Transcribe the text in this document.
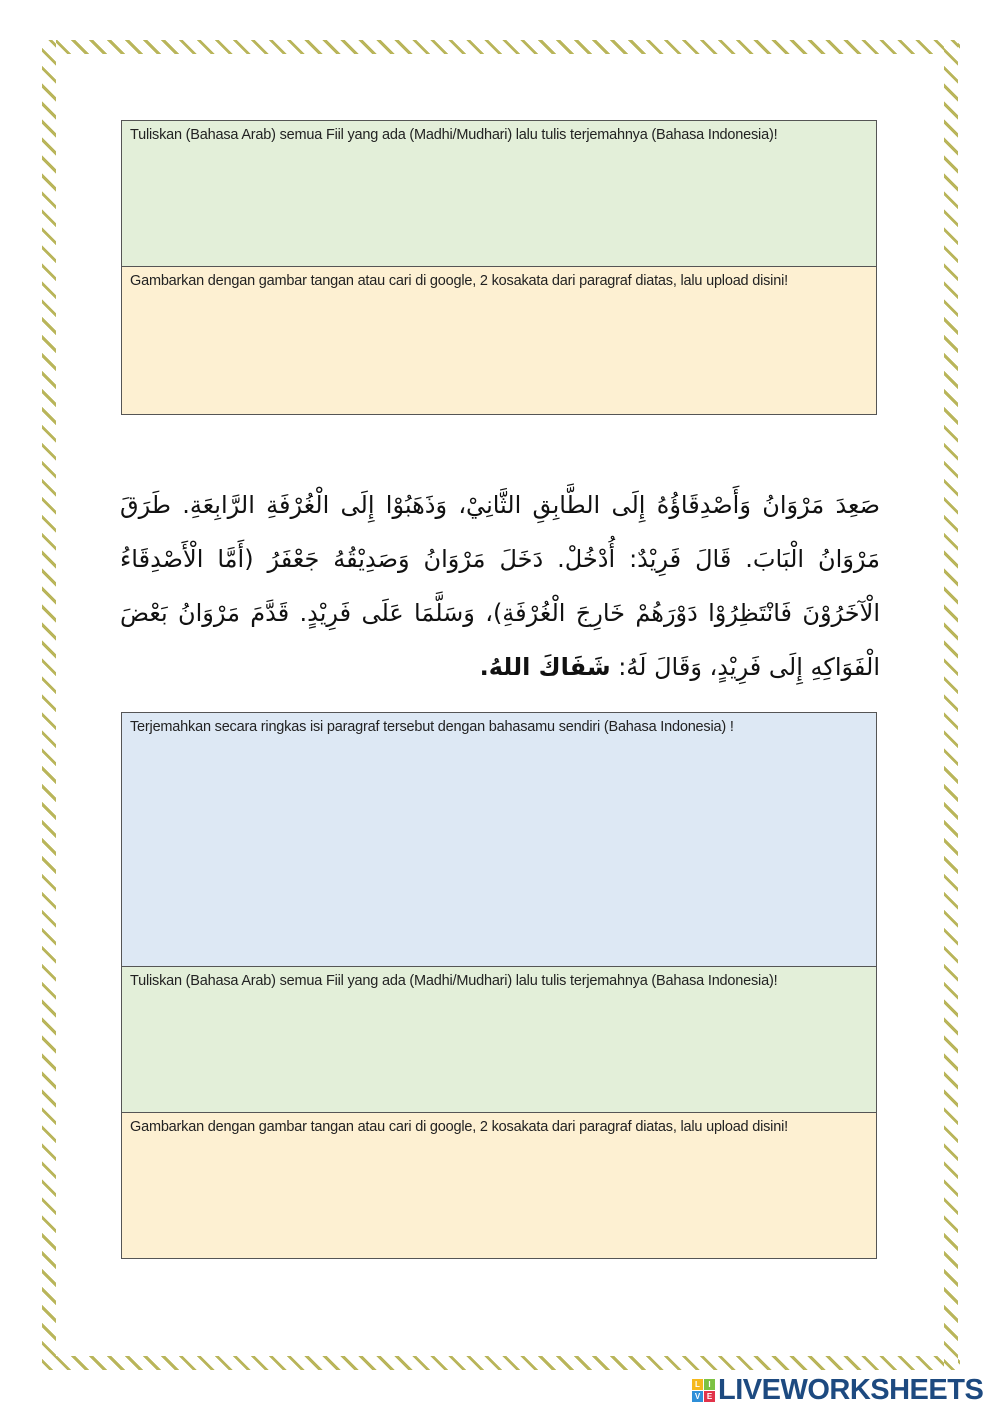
Tuliskan (Bahasa Arab) semua Fiil yang ada (Madhi/Mudhari) lalu tulis terjemahnya (Bahasa Indonesia)!
Gambarkan dengan gambar tangan atau cari di google, 2 kosakata dari paragraf diatas, lalu upload disini!
صَعِدَ مَرْوَانُ وَأَصْدِقَاؤُهُ إِلَى الطَّابِقِ الثَّانِيْ، وَذَهَبُوْا إِلَى الْغُرْفَةِ الرَّابِعَةِ. طَرَقَ مَرْوَانُ الْبَابَ. قَالَ فَرِيْدٌ: أُدْخُلْ. دَخَلَ مَرْوَانُ وَصَدِيْقُهُ جَعْفَرُ (أَمَّا الْأَصْدِقَاءُ الْآخَرُوْنَ فَانْتَظِرُوْا دَوْرَهُمْ خَارِجَ الْغُرْفَةِ)، وَسَلَّمَا عَلَى فَرِيْدٍ. قَدَّمَ مَرْوَانُ بَعْضَ الْفَوَاكِهِ إِلَى فَرِيْدٍ، وَقَالَ لَهُ: شَفَاكَ اللهُ.
Terjemahkan secara ringkas isi paragraf tersebut dengan bahasamu sendiri (Bahasa Indonesia) !
Tuliskan (Bahasa Arab) semua Fiil yang ada (Madhi/Mudhari) lalu tulis terjemahnya (Bahasa Indonesia)!
Gambarkan dengan gambar tangan atau cari di google, 2 kosakata dari paragraf diatas, lalu upload disini!
L	I
V E LIVEWORKSHEETS
